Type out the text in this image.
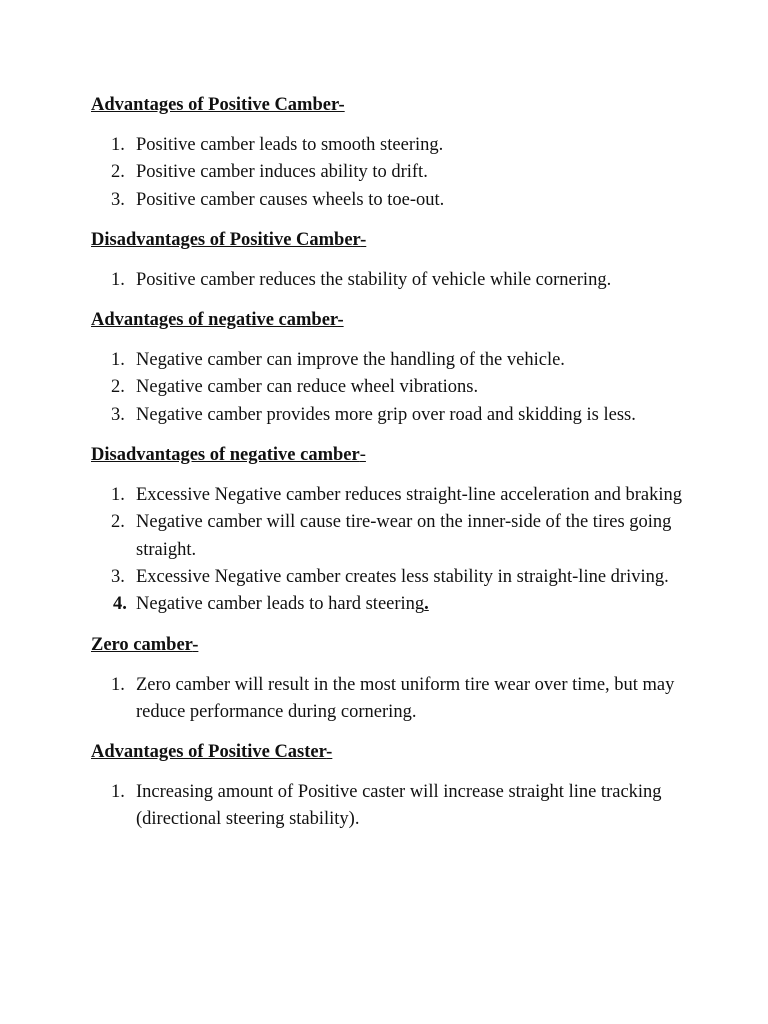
Advantages of Positive Camber-
1. Positive camber leads to smooth steering.
2. Positive camber induces ability to drift.
3. Positive camber causes wheels to toe-out.
Disadvantages of Positive Camber-
1. Positive camber reduces the stability of vehicle while cornering.
Advantages of negative camber-
1. Negative camber can improve the handling of the vehicle.
2. Negative camber can reduce wheel vibrations.
3. Negative camber provides more grip over road and skidding is less.
Disadvantages of negative camber-
1. Excessive Negative camber reduces straight-line acceleration and braking
2. Negative camber will cause tire-wear on the inner-side of the tires going straight.
3. Excessive Negative camber creates less stability in straight-line driving.
4. Negative camber leads to hard steering.
Zero camber-
1. Zero camber will result in the most uniform tire wear over time, but may reduce performance during cornering.
Advantages of Positive Caster-
1. Increasing amount of Positive caster will increase straight line tracking (directional steering stability).
